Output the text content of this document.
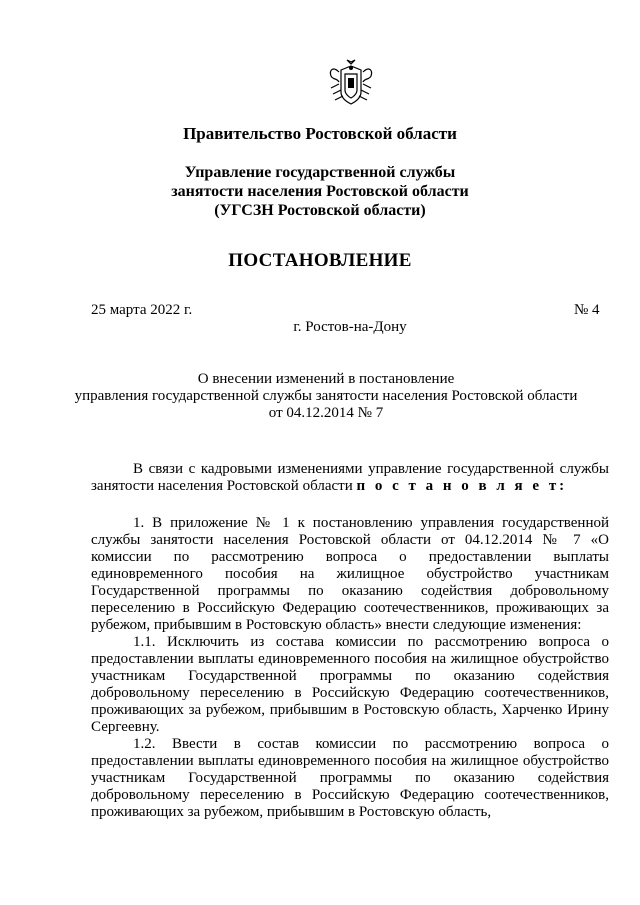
Правительство Ростовской области
Управление государственной службы
занятости населения Ростовской области
(УГСЗН Ростовской области)
ПОСТАНОВЛЕНИЕ
25 марта 2022 г.	№ 4
г. Ростов-на-Дону
О внесении изменений в постановление
управления государственной службы занятости населения Ростовской области
от 04.12.2014 № 7

В связи с кадровыми изменениями управление государственной службы занятости населения Ростовской области п о с т а н о в л я е т:

1. В приложение № 1 к постановлению управления государственной службы занятости населения Ростовской области от 04.12.2014 № 7 «О комиссии по рассмотрению вопроса о предоставлении выплаты единовременного пособия на жилищное обустройство участникам Государственной программы по оказанию содействия добровольному переселению в Российскую Федерацию соотечественников, проживающих за рубежом, прибывшим в Ростовскую область» внести следующие изменения:

1.1. Исключить из состава комиссии по рассмотрению вопроса о предоставлении выплаты единовременного пособия на жилищное обустройство участникам Государственной программы по оказанию содействия добровольному переселению в Российскую Федерацию соотечественников, проживающих за рубежом, прибывшим в Ростовскую область, Харченко Ирину Сергеевну.

1.2. Ввести в состав комиссии по рассмотрению вопроса о предоставлении выплаты единовременного пособия на жилищное обустройство участникам Государственной программы по оказанию содействия добровольному переселению в Российскую Федерацию соотечественников, проживающих за рубежом, прибывшим в Ростовскую область,
